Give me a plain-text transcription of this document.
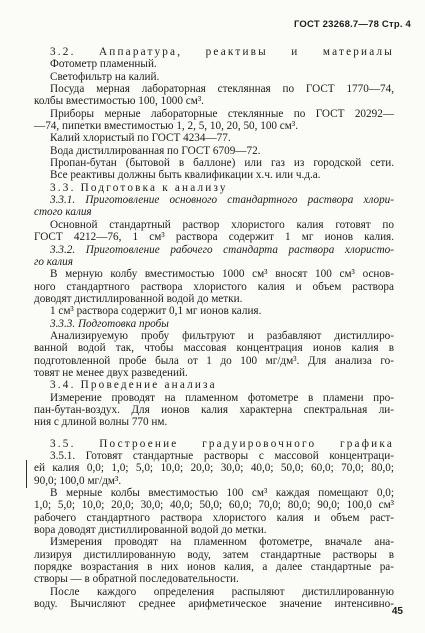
ГОСТ 23268.7—78 Стр. 4
3.2. Аппаратура, реактивы и материалы
Фотометр пламенный.
Светофильтр на калий.
Посуда мерная лабораторная стеклянная по ГОСТ 1770—74,
колбы вместимостью 100, 1000 см³.
Приборы мерные лабораторные стеклянные по ГОСТ 20292—
—74, пипетки вместимостью 1, 2, 5, 10, 20, 50, 100 см³.
Калий хлористый по ГОСТ 4234—77.
Вода дистиллированная по ГОСТ 6709—72.
Пропан-бутан (бытовой в баллоне) или газ из городской сети.
Все реактивы должны быть квалификации х.ч. или ч.д.а.
3.3. Подготовка к анализу
3.3.1. Приготовление основного стандартного раствора хлори-
стого калия
Основной стандартный раствор хлористого калия готовят по
ГОСТ 4212—76, 1 см³ раствора содержит 1 мг ионов калия.
3.3.2. Приготовление рабочего стандарта раствора хлористо-
го калия
В мерную колбу вместимостью 1000 см³ вносят 100 см³ основ-
ного стандартного раствора хлористого калия и объем раствора
доводят дистиллированной водой до метки.
1 см³ раствора содержит 0,1 мг ионов калия.
3.3.3. Подготовка пробы
Анализируемую пробу фильтруют и разбавляют дистиллиро-
ванной водой так, чтобы массовая концентрация ионов калия в
подготовленной пробе была от 1 до 100 мг/дм³. Для анализа го-
товят не менее двух разведений.
3.4. Проведение анализа
Измерение проводят на пламенном фотометре в пламени про-
пан-бутан-воздух. Для ионов калия характерна спектральная ли-
ния с длиной волны 770 нм.
3.5. Построение градуировочного графика
3.5.1. Готовят стандартные растворы с массовой концентраци-
ей калия 0,0; 1,0; 5,0; 10,0; 20,0; 30,0; 40,0; 50,0; 60,0; 70,0; 80,0;
90,0; 100,0 мг/дм³.
В мерные колбы вместимостью 100 см³ каждая помещают 0,0;
1,0; 5,0; 10,0; 20,0; 30,0; 40,0; 50,0; 60,0; 70,0; 80,0; 90,0; 100,0 см³
рабочего стандартного раствора хлористого калия и объем раст-
вора доводят дистиллированной водой до метки.
Измерения проводят на пламенном фотометре, вначале ана-
лизируя дистиллированную воду, затем стандартные растворы в
порядке возрастания в них ионов калия, а далее стандартные ра-
створы — в обратной последовательности.
После каждого определения распыляют дистиллированную
воду. Вычисляют среднее арифметическое значение интенсивно-
45
